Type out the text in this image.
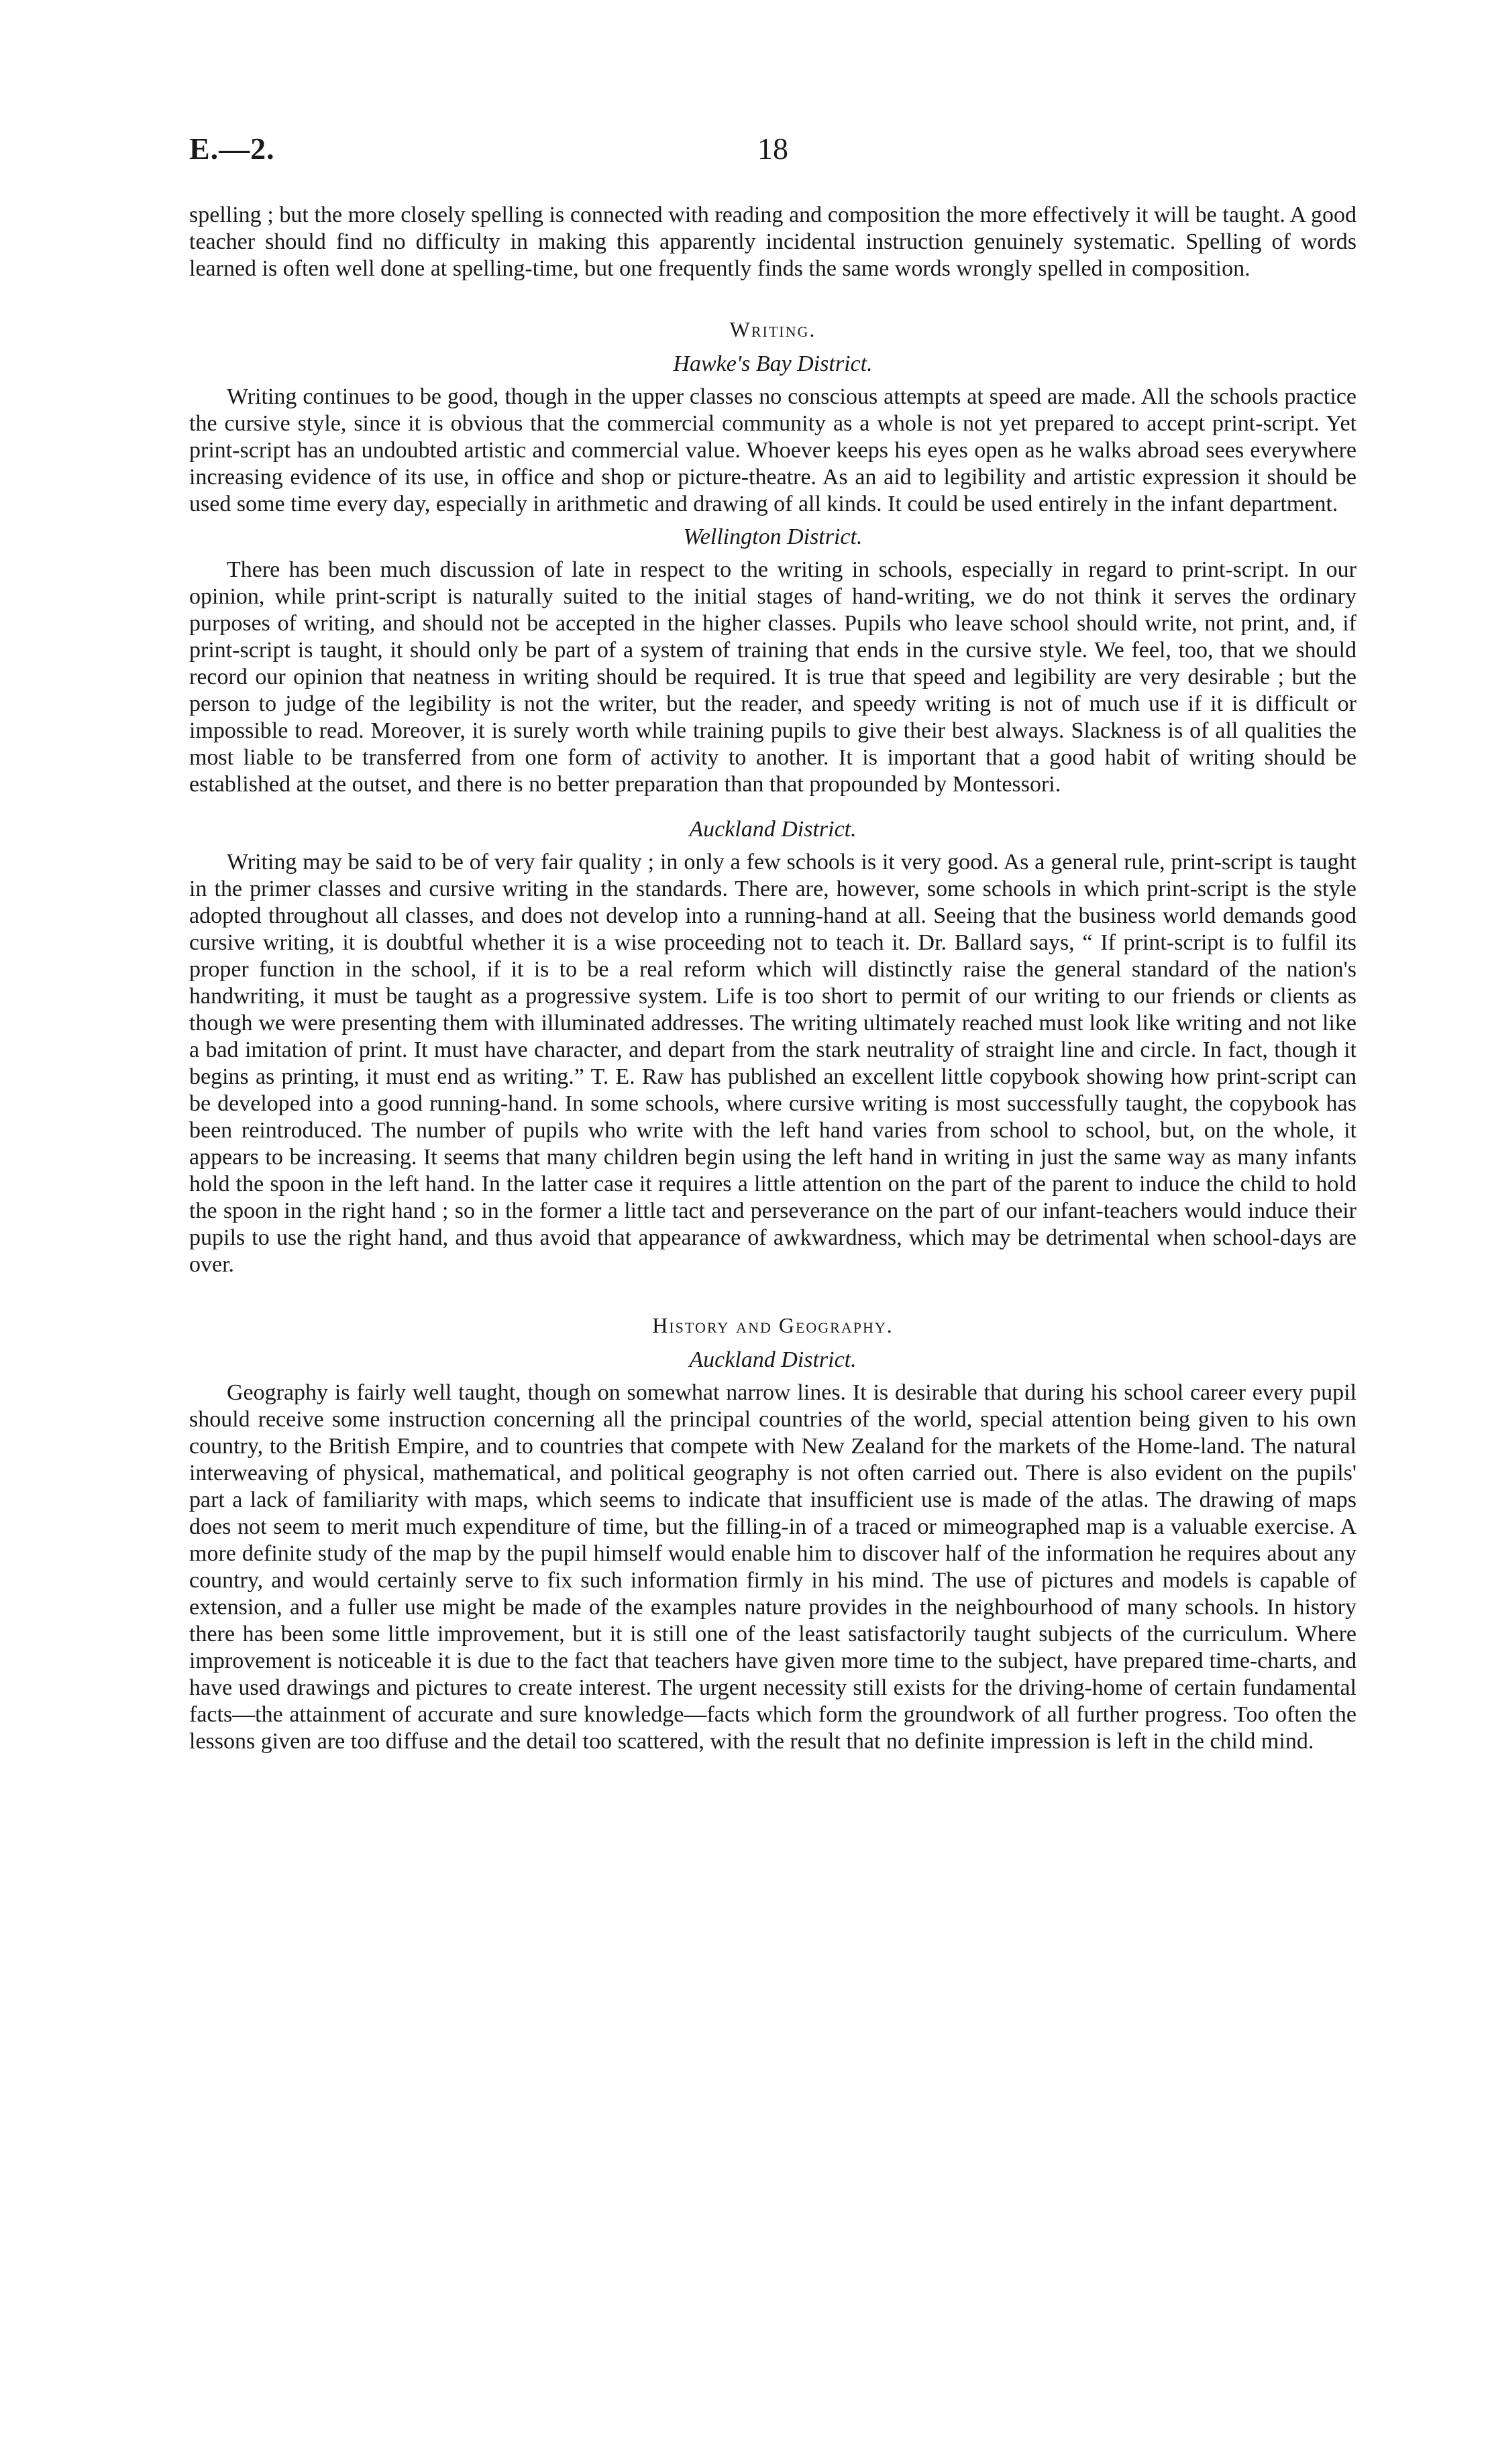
E.—2.	18

spelling ; but the more closely spelling is connected with reading and composition the more effectively it will be taught. A good teacher should find no difficulty in making this apparently incidental instruction genuinely systematic. Spelling of words learned is often well done at spelling-time, but one frequently finds the same words wrongly spelled in composition.

Writing.
Hawke's Bay District.

Writing continues to be good, though in the upper classes no conscious attempts at speed are made. All the schools practice the cursive style, since it is obvious that the commercial community as a whole is not yet prepared to accept print-script. Yet print-script has an undoubted artistic and commercial value. Whoever keeps his eyes open as he walks abroad sees everywhere increasing evidence of its use, in office and shop or picture-theatre. As an aid to legibility and artistic expression it should be used some time every day, especially in arithmetic and drawing of all kinds. It could be used entirely in the infant department.

Wellington District.

There has been much discussion of late in respect to the writing in schools, especially in regard to print-script. In our opinion, while print-script is naturally suited to the initial stages of hand-writing, we do not think it serves the ordinary purposes of writing, and should not be accepted in the higher classes. Pupils who leave school should write, not print, and, if print-script is taught, it should only be part of a system of training that ends in the cursive style. We feel, too, that we should record our opinion that neatness in writing should be required. It is true that speed and legibility are very desirable ; but the person to judge of the legibility is not the writer, but the reader, and speedy writing is not of much use if it is difficult or impossible to read. Moreover, it is surely worth while training pupils to give their best always. Slackness is of all qualities the most liable to be transferred from one form of activity to another. It is important that a good habit of writing should be established at the outset, and there is no better preparation than that propounded by Montessori.

Auckland District.

Writing may be said to be of very fair quality ; in only a few schools is it very good. As a general rule, print-script is taught in the primer classes and cursive writing in the standards. There are, however, some schools in which print-script is the style adopted throughout all classes, and does not develop into a running-hand at all. Seeing that the business world demands good cursive writing, it is doubtful whether it is a wise proceeding not to teach it. Dr. Ballard says, “ If print-script is to fulfil its proper function in the school, if it is to be a real reform which will distinctly raise the general standard of the nation's handwriting, it must be taught as a progressive system. Life is too short to permit of our writing to our friends or clients as though we were presenting them with illuminated addresses. The writing ultimately reached must look like writing and not like a bad imitation of print. It must have character, and depart from the stark neutrality of straight line and circle. In fact, though it begins as printing, it must end as writing.” T. E. Raw has published an excellent little copybook showing how print-script can be developed into a good running-hand. In some schools, where cursive writing is most successfully taught, the copybook has been reintroduced. The number of pupils who write with the left hand varies from school to school, but, on the whole, it appears to be increasing. It seems that many children begin using the left hand in writing in just the same way as many infants hold the spoon in the left hand. In the latter case it requires a little attention on the part of the parent to induce the child to hold the spoon in the right hand ; so in the former a little tact and perseverance on the part of our infant-teachers would induce their pupils to use the right hand, and thus avoid that appearance of awkwardness, which may be detrimental when school-days are over.

History and Geography.
Auckland District.

Geography is fairly well taught, though on somewhat narrow lines. It is desirable that during his school career every pupil should receive some instruction concerning all the principal countries of the world, special attention being given to his own country, to the British Empire, and to countries that compete with New Zealand for the markets of the Home-land. The natural interweaving of physical, mathematical, and political geography is not often carried out. There is also evident on the pupils' part a lack of familiarity with maps, which seems to indicate that insufficient use is made of the atlas. The drawing of maps does not seem to merit much expenditure of time, but the filling-in of a traced or mimeographed map is a valuable exercise. A more definite study of the map by the pupil himself would enable him to discover half of the information he requires about any country, and would certainly serve to fix such information firmly in his mind. The use of pictures and models is capable of extension, and a fuller use might be made of the examples nature provides in the neighbourhood of many schools. In history there has been some little improvement, but it is still one of the least satisfactorily taught subjects of the curriculum. Where improvement is noticeable it is due to the fact that teachers have given more time to the subject, have prepared time-charts, and have used drawings and pictures to create interest. The urgent necessity still exists for the driving-home of certain fundamental facts—the attainment of accurate and sure knowledge—facts which form the groundwork of all further progress. Too often the lessons given are too diffuse and the detail too scattered, with the result that no definite impression is left in the child mind.
